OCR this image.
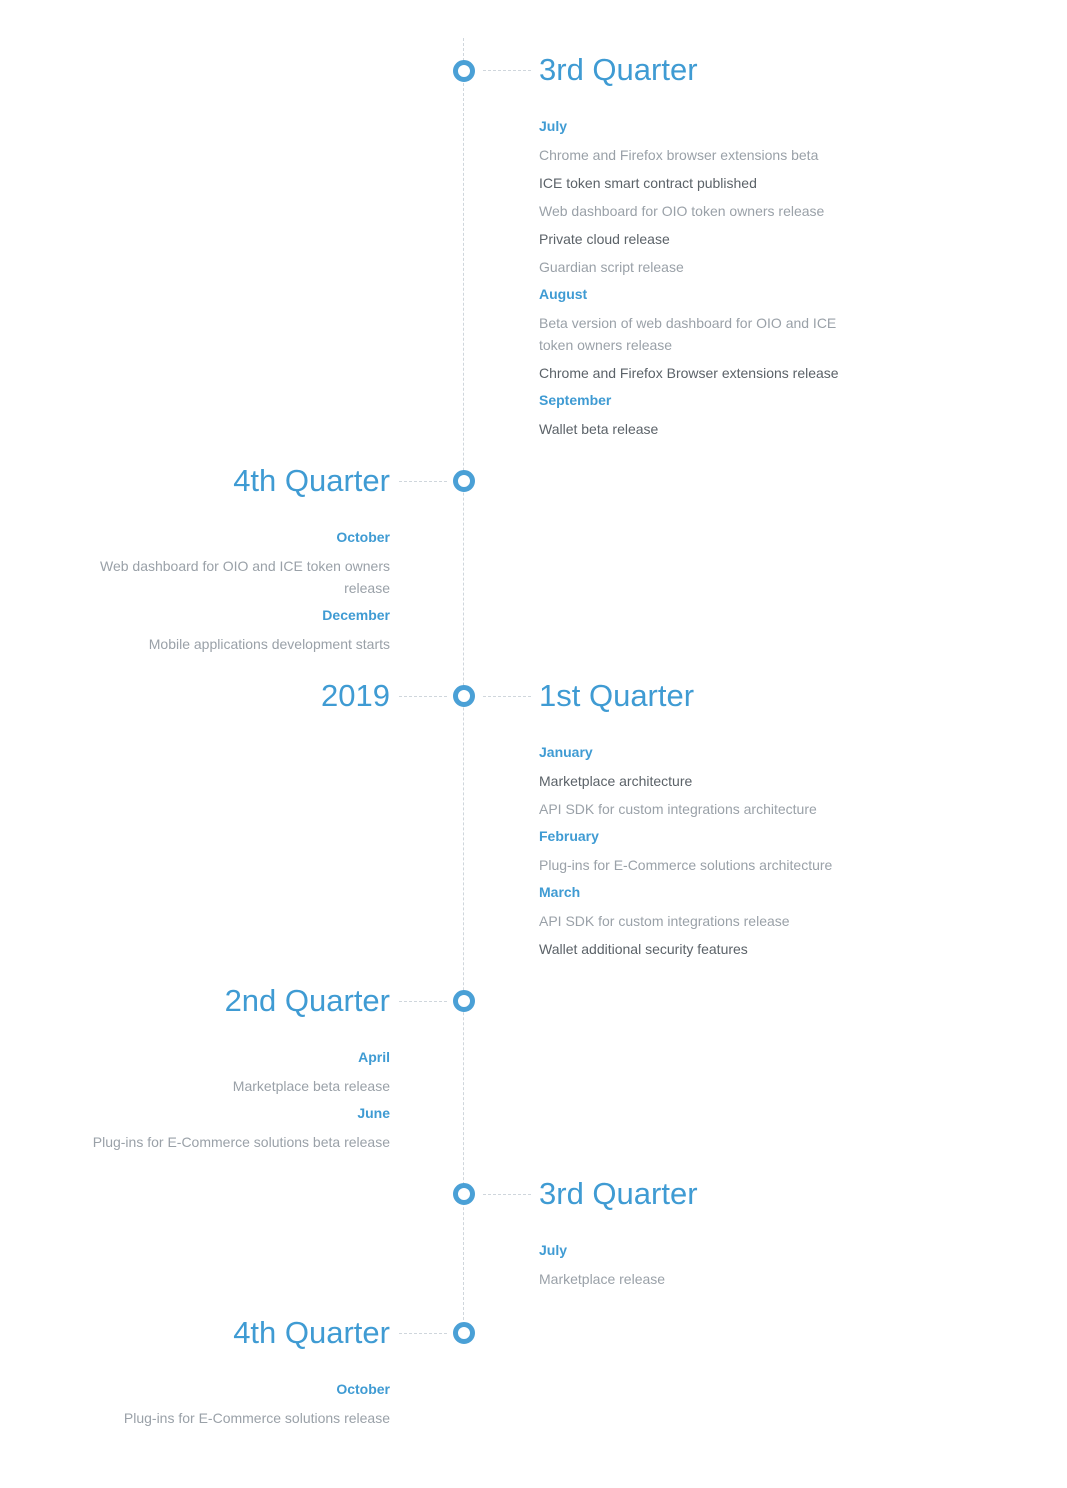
3rd Quarter
July
Chrome and Firefox browser extensions beta
ICE token smart contract published
Web dashboard for OIO token owners release
Private cloud release
Guardian script release
August
Beta version of web dashboard for OIO and ICE token owners release
Chrome and Firefox Browser extensions release
September
Wallet beta release
4th Quarter
October
Web dashboard for OIO and ICE token owners release
December
Mobile applications development starts
2019	1st Quarter
January
Marketplace architecture
API SDK for custom integrations architecture
February
Plug-ins for E-Commerce solutions architecture
March
API SDK for custom integrations release
Wallet additional security features
2nd Quarter
April
Marketplace beta release
June
Plug-ins for E-Commerce solutions beta release
3rd Quarter
July
Marketplace release
4th Quarter
October
Plug-ins for E-Commerce solutions release
